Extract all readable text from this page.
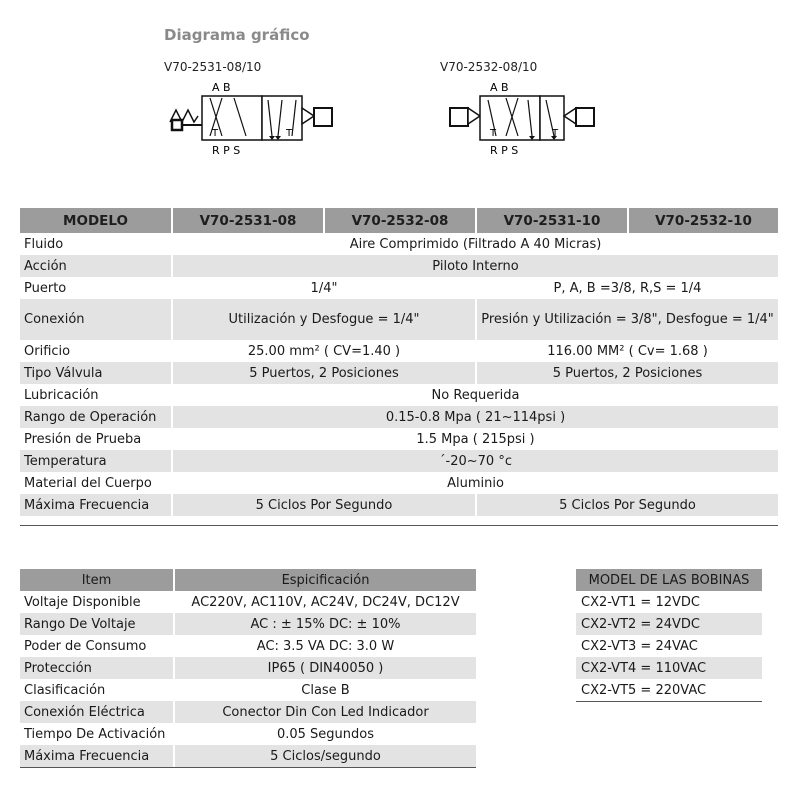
Diagrama gráfico
V70-2531-08/10
A B
T	T
R P S
V70-2532-08/10
A B
T	T
R P S
MODELO	V70-2531-08	V70-2532-08	V70-2531-10	V70-2532-10
Fluido	Aire Comprimido (Filtrado A 40 Micras)			
Acción	Piloto Interno			
Puerto	1/4"		P, A, B =3/8, R,S = 1/4	
Conexión	Utilización y Desfogue = 1/4"		Presión y Utilización = 3/8", Desfogue = 1/4"	
Orificio	25.00 mm² ( CV=1.40 )		116.00 MM² ( Cv= 1.68 )	
Tipo Válvula	5 Puertos, 2 Posiciones		5 Puertos, 2 Posiciones	
Lubricación	No Requerida			
Rango de Operación	0.15-0.8 Mpa ( 21~114psi )			
Presión de Prueba	1.5 Mpa ( 215psi )			
Temperatura	´-20~70 °c			
Material del Cuerpo	Aluminio			
Máxima Frecuencia	5 Ciclos Por Segundo		5 Ciclos Por Segundo	
Item	Espicificación
Voltaje Disponible	AC220V, AC110V, AC24V, DC24V, DC12V
Rango De Voltaje	AC : ± 15% DC: ± 10%
Poder de Consumo	AC: 3.5 VA DC: 3.0 W
Protección	IP65 ( DIN40050 )
Clasificación	Clase B
Conexión Eléctrica	Conector Din Con Led Indicador
Tiempo De Activación	0.05 Segundos
Máxima Frecuencia	5 Ciclos/segundo
MODEL DE LAS BOBINAS
CX2-VT1 = 12VDC
CX2-VT2 = 24VDC
CX2-VT3 = 24VAC
CX2-VT4 = 110VAC
CX2-VT5 = 220VAC
